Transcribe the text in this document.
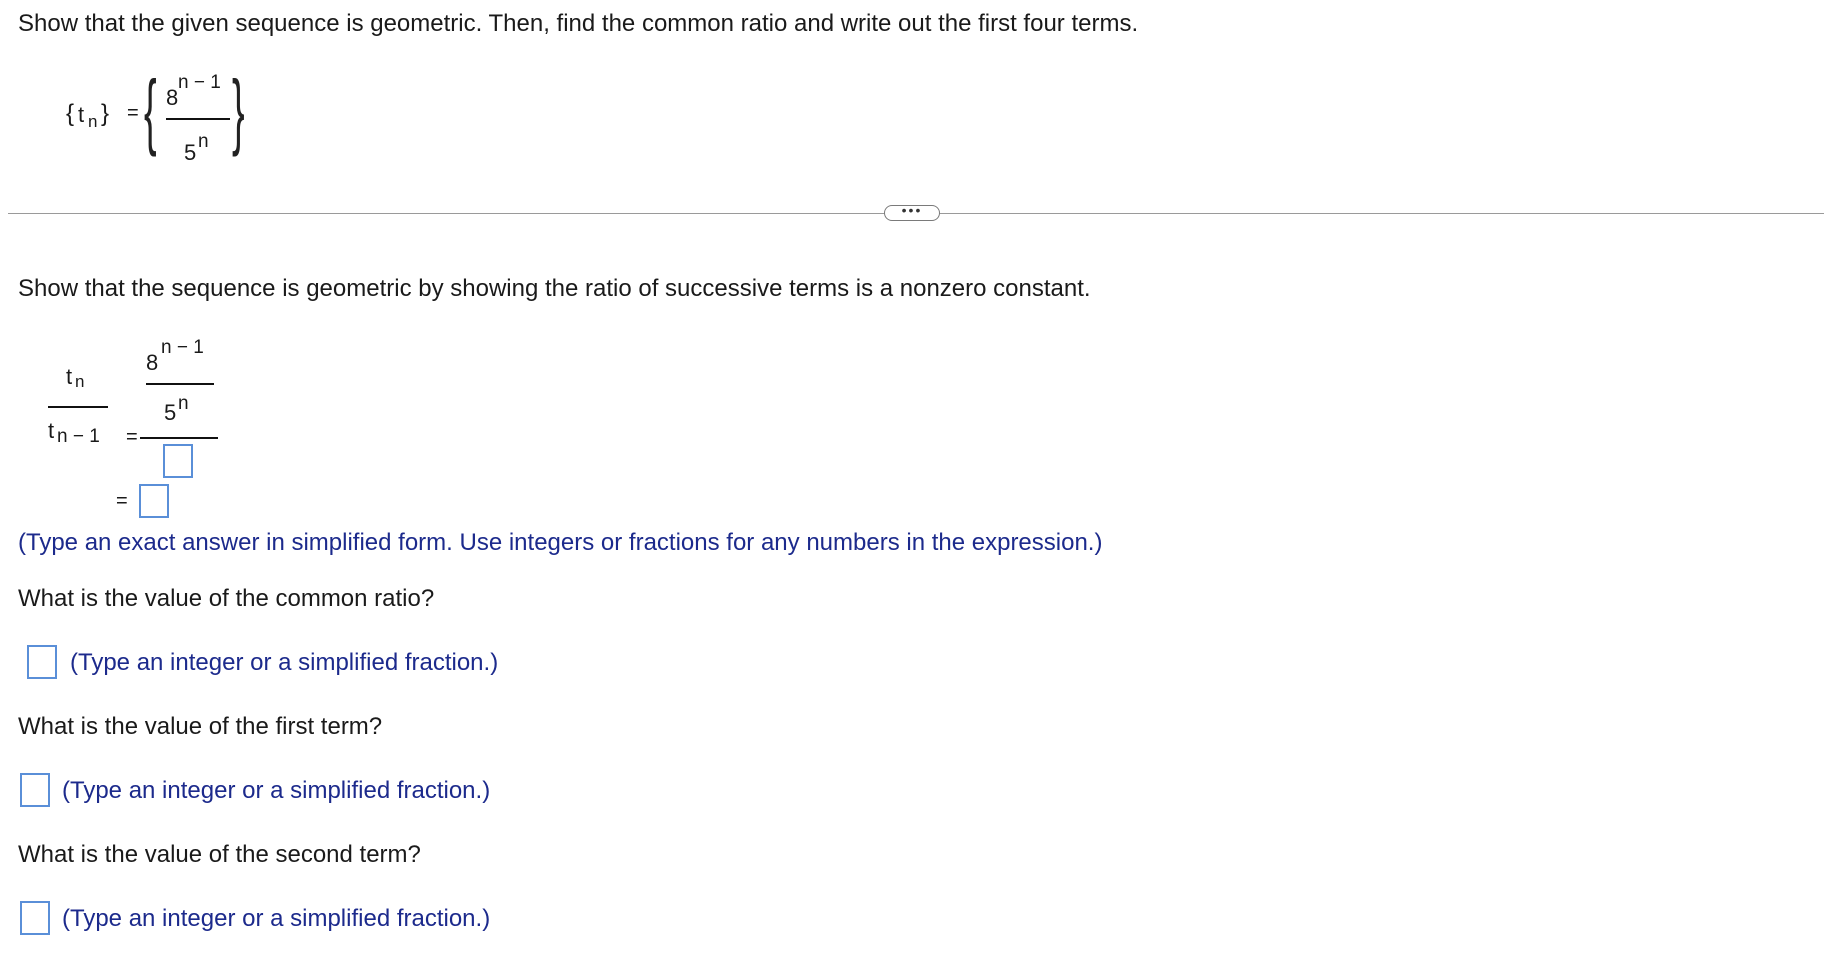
Show that the given sequence is geometric. Then, find the common ratio and write out the first four terms.
{ t n } = { 8
n − 1
5 n }
•••
Show that the sequence is geometric by showing the ratio of successive terms is a nonzero constant.
t n
t n − 1 =
8
n − 1
5 n
=
(Type an exact answer in simplified form. Use integers or fractions for any numbers in the expression.)
What is the value of the common ratio?
(Type an integer or a simplified fraction.)
What is the value of the first term?
(Type an integer or a simplified fraction.)
What is the value of the second term?
(Type an integer or a simplified fraction.)
